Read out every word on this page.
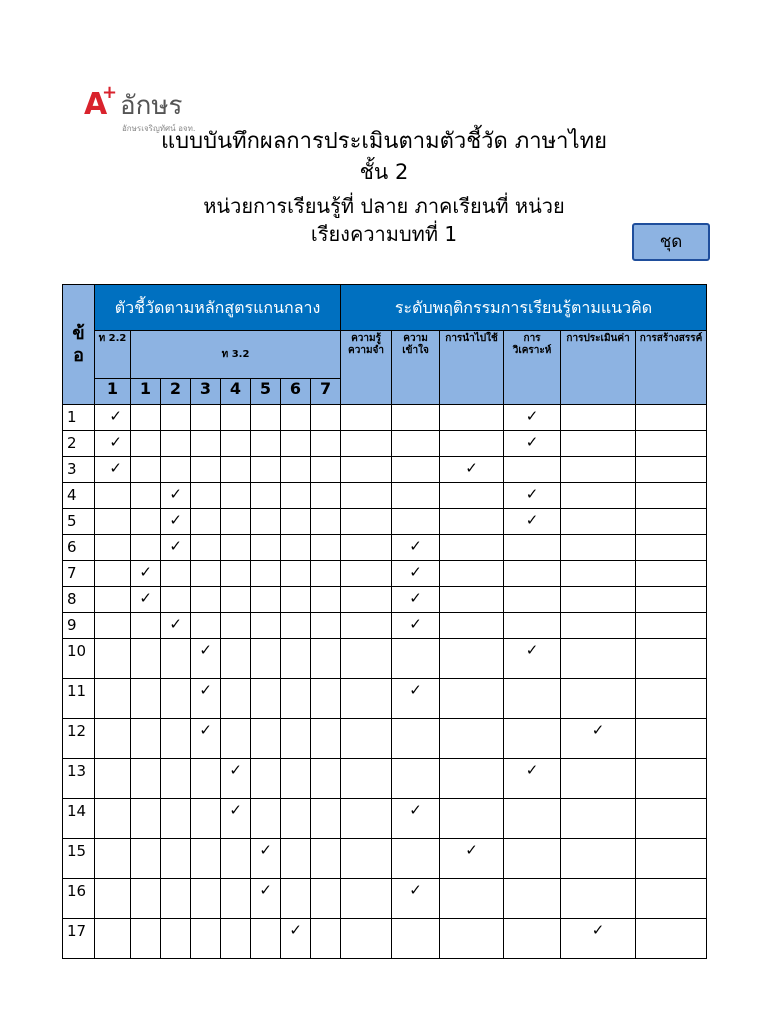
A
+ อักษร
อักษรเจริญทัศน์ อจท.
แบบบันทึกผลการประเมินตามตัวชี้วัด ภาษาไทย
ชั้น 2
หน่วยการเรียนรู้ที่ ปลาย ภาคเรียนที่ หน่วย
เรียงความบทที่ 1	ชุด
ข้อ	ตัวชี้วัดตามหลักสูตรแกนกลาง								ระดับพฤติกรรมการเรียนรู้ตามแนวคิด					
	ท 2.2	ท 3.2							ความรู้ ความจำ	ความเข้าใจ	การนำไปใช้	การวิเคราะห์	การประเมินค่า	การสร้างสรรค์
	1	1	2	3	4	5	6	7						
1	✓											✓		
2	✓											✓		
3	✓										✓			
4			✓									✓		
5			✓									✓		
6			✓							✓				
7		✓								✓				
8		✓								✓				
9			✓							✓				
10				✓								✓		
11				✓						✓				
12				✓									✓	
13					✓							✓		
14					✓					✓				
15						✓					✓			
16						✓				✓				
17							✓						✓	
